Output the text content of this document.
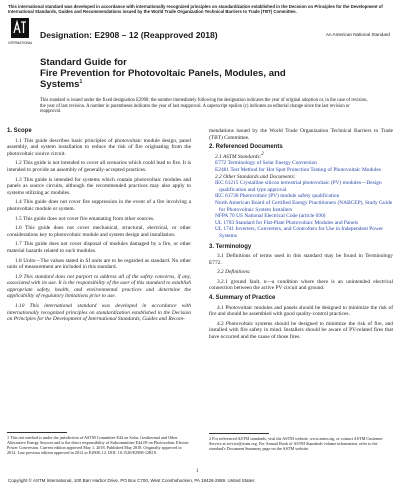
This international standard was developed in accordance with internationally recognized principles on standardization established in the Decision on Principles for the Development of International Standards, Guides and Recommendations issued by the World Trade Organization Technical Barriers to Trade (TBT) Committee.
INTERNATIONAL
Designation: E2908 – 12 (Reapproved 2018)	An American National Standard
Standard Guide for
Fire Prevention for Photovoltaic Panels, Modules, and
Systems$^1$
This standard is issued under the fixed designation E2908; the number immediately following the designation indicates the year of original adoption or, in the case of revision, the year of last revision. A number in parentheses indicates the year of last reapproval. A superscript epsilon (ε) indicates an editorial change since the last revision or reapproval.
1. Scope
1.1 This guide describes basic principles of photovoltaic module design, panel assembly, and system installation to reduce the risk of fire originating from the photovoltaic source circuit.
1.2 This guide is not intended to cover all scenarios which could lead to fire. It is intended to provide an assembly of generally-accepted practices.
1.3 This guide is intended for systems which contain photovoltaic modules and panels as source circuits, although the recommended practices may also apply to systems utilizing ac modules.
1.4 This guide does not cover fire suppression in the event of a fire involving a photovoltaic module or system.
1.5 This guide does not cover fire emanating from other sources.
1.6 This guide does not cover mechanical, structural, electrical, or other considerations key to photovoltaic module and system design and installation.
1.7 This guide does not cover disposal of modules damaged by a fire, or other material hazards related to such modules.
1.8 Units—The values stated in SI units are to be regarded as standard. No other units of measurement are included in this standard.
1.9 This standard does not purport to address all of the safety concerns, if any, associated with its use. It is the responsibility of the user of this standard to establish appropriate safety, health, and environmental practices and determine the applicability of regulatory limitations prior to use.
1.10 This international standard was developed in accordance with internationally recognized principles on standardization established in the Decision on Principles for the Development of International Standards, Guides and Recom-
mendations issued by the World Trade Organization Technical Barriers to Trade (TBT) Committee.
2. Referenced Documents
2.1 ASTM Standards:2
E772 Terminology of Solar Energy Conversion
E2481 Test Method for Hot Spot Protection Testing of Photovoltaic Modules
2.2 Other Standards and Documents:
IEC 61215 Crystalline silicon terrestrial photovoltaic (PV) modules—Design qualification and type approval
IEC 61730 Photovoltaic (PV) module safety qualification
North American Board of Certified Energy Practitioners (NABCEP), Study Guide for Photovoltaic System Installers
NFPA 70 US National Electrical Code (article 690)
UL 1703 Standard for Flat-Plate Photovoltaic Modules and Panels
UL 1741 Inverters, Converters, and Controllers for Use in Independent Power Systems
3. Terminology
3.1 Definitions of terms used in this standard may be found in Terminology E772.
3.2 Definitions:
3.2.1 ground fault, n—a condition where there is an unintended electrical connection between the active PV circuit and ground.
4. Summary of Practice
4.1 Photovoltaic modules and panels should be designed to minimize the risk of fire and should be assembled with good quality-control practices.
4.2 Photovoltaic systems should be designed to minimize the risk of fire, and installed with fire safety in mind. Installers should be aware of PV-related fires that have occurred and the cause of those fires.
1 This test method is under the jurisdiction of ASTM Committee E44 on Solar, Geothermal and Other Alternative Energy Sources and is the direct responsibility of Subcommittee E44.09 on Photovoltaic Electric Power Conversion. Current edition approved May 1, 2018. Published May 2018. Originally approved in 2012. Last previous edition approved in 2012 as E2908–12. DOI: 10.1520/E2908-12R18.
2 For referenced ASTM standards, visit the ASTM website, www.astm.org, or contact ASTM Customer Service at service@astm.org. For Annual Book of ASTM Standards volume information, refer to the standard's Document Summary page on the ASTM website.
1
Copyright © ASTM International, 100 Barr Harbor Drive, PO Box C700, West Conshohocken, PA 19428-2959. United States
